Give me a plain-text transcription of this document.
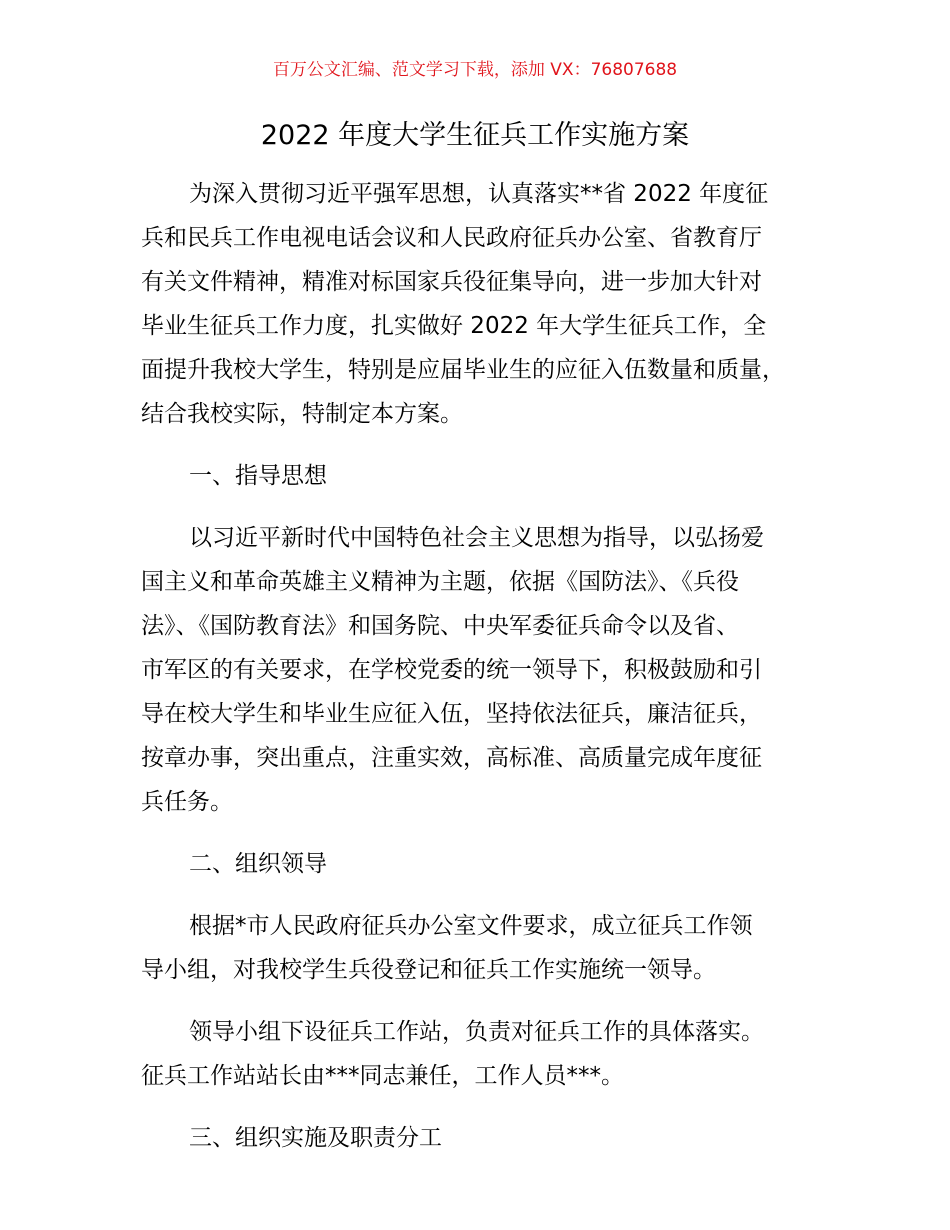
百万公文汇编、范文学习下载，添加 VX：76807688
2022 年度大学生征兵工作实施方案

为深入贯彻习近平强军思想，认真落实**省 2022 年度征
兵和民兵工作电视电话会议和人民政府征兵办公室、省教育厅
有关文件精神，精准对标国家兵役征集导向，进一步加大针对
毕业生征兵工作力度，扎实做好 2022 年大学生征兵工作，全
面提升我校大学生，特别是应届毕业生的应征入伍数量和质量，
结合我校实际，特制定本方案。

一、指导思想

以习近平新时代中国特色社会主义思想为指导，以弘扬爱
国主义和革命英雄主义精神为主题，依据《国防法》、《兵役
法》、《国防教育法》和国务院、中央军委征兵命令以及省、
市军区的有关要求，在学校党委的统一领导下，积极鼓励和引
导在校大学生和毕业生应征入伍，坚持依法征兵，廉洁征兵，
按章办事，突出重点，注重实效，高标准、高质量完成年度征
兵任务。

二、组织领导

根据*市人民政府征兵办公室文件要求，成立征兵工作领
导小组，对我校学生兵役登记和征兵工作实施统一领导。

领导小组下设征兵工作站，负责对征兵工作的具体落实。
征兵工作站站长由***同志兼任，工作人员***。

三、组织实施及职责分工
